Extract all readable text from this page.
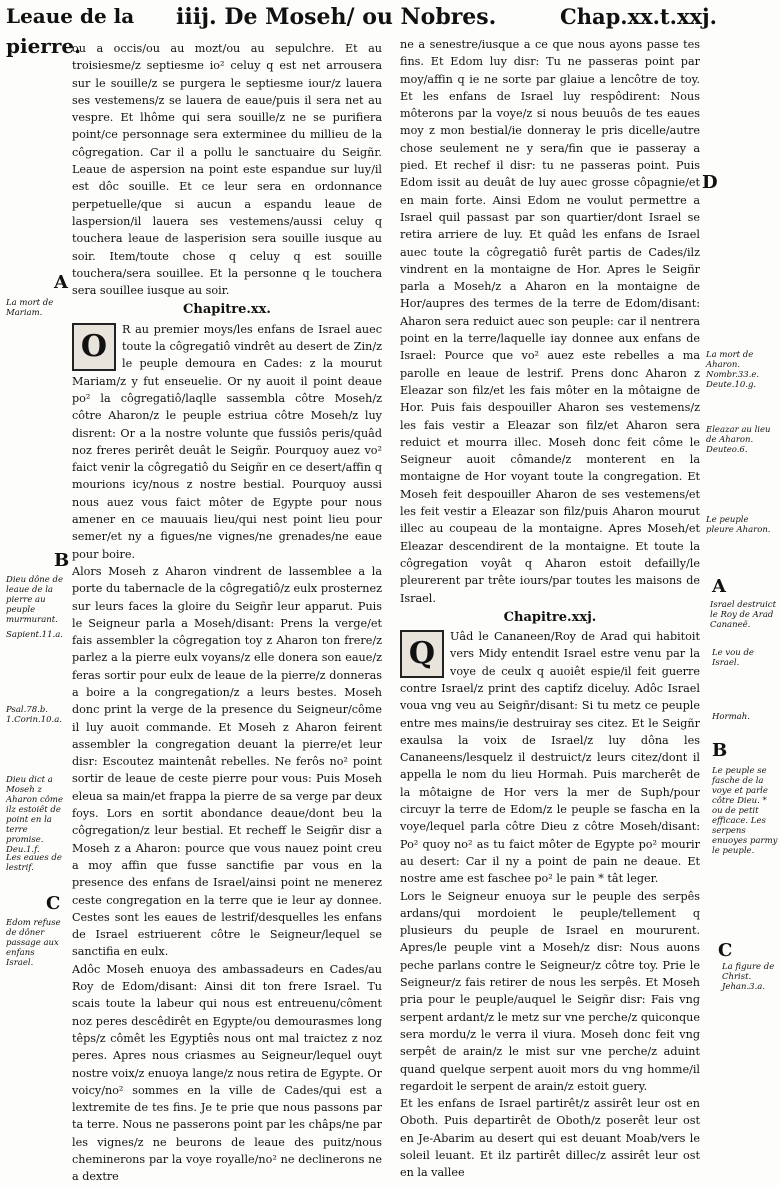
Leaue de la
pierre.
iiij. De Moseh/ ou Nobres.	Chap.xx.t.xxj.
A
La mort de Mariam.
B
Dieu dône de leaue de la pierre au peuple murmurant.
Sapient.11.a.
Psal.78.b. 1.Corin.10.a.
Dieu dict a Moseh z Aharon côme ilz estoiêt de point en la terre promise. Deu.1.f.
Les eaues de lestrif.
C
Edom refuse de dôner passage aux enfans Israel.
La mort de Aharon. Nombr.33.e. Deute.10.g.
D
Eleazar au lieu de Aharon. Deuteo.6.
Le peuple pleure Aharon.
A
Israel destruict le Roy de Arad Cananeë.
Le vou de Israel.
Hormah.
B
Le peuple se fasche de la voye et parle côtre Dieu. * ou de petit efficace. Les serpens enuoyes parmy le peuple.
C
La figure de Christ. Jehan.3.a.

ou a occis/ou au mozt/ou au sepulchre. Et au troisiesme/z septiesme io² celuy q est net arrousera sur le souille/z se purgera le septiesme iour/z lauera ses vestemens/z se lauera de eaue/puis il sera net au vespre. Et lhôme qui sera souille/z ne se purifiera point/ce personnage sera exterminee du millieu de la côgregation. Car il a pollu le sanctuaire du Seigñr. Leaue de aspersion na point este espandue sur luy/il est dôc souille. Et ce leur sera en ordonnance perpetuelle/que si aucun a espandu leaue de laspersion/il lauera ses vestemens/aussi celuy q touchera leaue de lasperision sera souille iusque au soir. Item/toute chose q celuy q est souille touchera/sera souillee. Et la personne q le touchera sera souillee iusque au soir.

Chapitre.xx.

O	R au premier moys/les enfans de Israel auec toute la côgregatiô vindrêt au desert de Zin/z le peuple demoura en Cades: z la mourut Mariam/z y fut enseuelie. Or ny auoit il point deaue po² la côgregatiô/laqlle sassembla côtre Moseh/z côtre Aharon/z le peuple estriua côtre Moseh/z luy disrent: Or a la nostre volunte que fussiôs peris/quâd noz freres perirêt deuât le Seigñr. Pourquoy auez vo² faict venir la côgregatiô du Seigñr en ce desert/affin q mourions icy/nous z nostre bestial. Pourquoy aussi nous auez vous faict môter de Egypte pour nous amener en ce mauuais lieu/qui nest point lieu pour semer/et ny a figues/ne vignes/ne grenades/ne eaue pour boire.

Alors Moseh z Aharon vindrent de lassemblee a la porte du tabernacle de la côgregatiô/z eulx prosternez sur leurs faces la gloire du Seigñr leur apparut. Puis le Seigneur parla a Moseh/disant: Prens la verge/et fais assembler la côgregation toy z Aharon ton frere/z parlez a la pierre eulx voyans/z elle donera son eaue/z feras sortir pour eulx de leaue de la pierre/z donneras a boire a la congregation/z a leurs bestes. Moseh donc print la verge de la presence du Seigneur/côme il luy auoit commande. Et Moseh z Aharon feirent assembler la congregation deuant la pierre/et leur disr: Escoutez maintenât rebelles. Ne ferôs no² point sortir de leaue de ceste pierre pour vous: Puis Moseh eleua sa main/et frappa la pierre de sa verge par deux foys. Lors en sortit abondance deaue/dont beu la côgregation/z leur bestial. Et recheff le Seigñr disr a Moseh z a Aharon: pource que vous nauez point creu a moy affin que fusse sanctifie par vous en la presence des enfans de Israel/ainsi point ne menerez ceste congregation en la terre que ie leur ay donnee. Cestes sont les eaues de lestrif/desquelles les enfans de Israel estriuerent côtre le Seigneur/lequel se sanctifia en eulx.

Adôc Moseh enuoya des ambassadeurs en Cades/au Roy de Edom/disant: Ainsi dit ton frere Israel. Tu scais toute la labeur qui nous est entreuenu/côment noz peres descêdirêt en Egypte/ou demourasmes long têps/z cômêt les Egyptiês nous ont mal traictez z noz peres. Apres nous criasmes au Seigneur/lequel ouyt nostre voix/z enuoya lange/z nous retira de Egypte. Or voicy/no² sommes en la ville de Cades/qui est a lextremite de tes fins. Je te prie que nous passons par ta terre. Nous ne passerons point par les châps/ne par les vignes/z ne beurons de leaue des puitz/nous cheminerons par la voye royalle/no² ne declinerons ne a dextre

ne a senestre/iusque a ce que nous ayons passe tes fins. Et Edom luy disr: Tu ne passeras point par moy/affin q ie ne sorte par glaiue a lencôtre de toy. Et les enfans de Israel luy respôdirent: Nous môterons par la voye/z si nous beuuôs de tes eaues moy z mon bestial/ie donneray le pris dicelle/autre chose seulement ne y sera/fin que ie passeray a pied. Et rechef il disr: tu ne passeras point. Puis Edom issit au deuât de luy auec grosse côpagnie/et en main forte. Ainsi Edom ne voulut permettre a Israel quil passast par son quartier/dont Israel se retira arriere de luy. Et quâd les enfans de Israel auec toute la côgregatiô furêt partis de Cades/ilz vindrent en la montaigne de Hor. Apres le Seigñr parla a Moseh/z a Aharon en la montaigne de Hor/aupres des termes de la terre de Edom/disant: Aharon sera reduict auec son peuple: car il nentrera point en la terre/laquelle iay donnee aux enfans de Israel: Pource que vo² auez este rebelles a ma parolle en leaue de lestrif. Prens donc Aharon z Eleazar son filz/et les fais môter en la môtaigne de Hor. Puis fais despouiller Aharon ses vestemens/z les fais vestir a Eleazar son filz/et Aharon sera reduict et mourra illec. Moseh donc feit côme le Seigneur auoit cômande/z monterent en la montaigne de Hor voyant toute la congregation. Et Moseh feit despouiller Aharon de ses vestemens/et les feit vestir a Eleazar son filz/puis Aharon mourut illec au coupeau de la montaigne. Apres Moseh/et Eleazar descendirent de la montaigne. Et toute la côgregation voyât q Aharon estoit defailly/le pleurerent par trête iours/par toutes les maisons de Israel.

Chapitre.xxj.

Q	Uâd le Cananeen/Roy de Arad qui habitoit vers Midy entendit Israel estre venu par la voye de ceulx q auoiêt espie/il feit guerre contre Israel/z print des captifz diceluy. Adôc Israel voua vng veu au Seigñr/disant: Si tu metz ce peuple entre mes mains/ie destruiray ses citez. Et le Seigñr exaulsa la voix de Israel/z luy dôna les Cananeens/lesquelz il destruict/z leurs citez/dont il appella le nom du lieu Hormah. Puis marcherêt de la môtaigne de Hor vers la mer de Suph/pour circuyr la terre de Edom/z le peuple se fascha en la voye/lequel parla côtre Dieu z côtre Moseh/disant: Po² quoy no² as tu faict môter de Egypte po² mourir au desert: Car il ny a point de pain ne deaue. Et nostre ame est faschee po² le pain * tât leger.

Lors le Seigneur enuoya sur le peuple des serpês ardans/qui mordoient le peuple/tellement q plusieurs du peuple de Israel en moururent. Apres/le peuple vint a Moseh/z disr: Nous auons peche parlans contre le Seigneur/z côtre toy. Prie le Seigneur/z fais retirer de nous les serpês. Et Moseh pria pour le peuple/auquel le Seigñr disr: Fais vng serpent ardant/z le metz sur vne perche/z quiconque sera mordu/z le verra il viura. Moseh donc feit vng serpêt de arain/z le mist sur vne perche/z aduint quand quelque serpent auoit mors du vng homme/il regardoit le serpent de arain/z estoit guery.

Et les enfans de Israel partirêt/z assirêt leur ost en Oboth. Puis departirêt de Oboth/z poserêt leur ost en Je-Abarim au desert qui est deuant Moab/vers le soleil leuant. Et ilz partirêt dillec/z assirêt leur ost en la vallee
